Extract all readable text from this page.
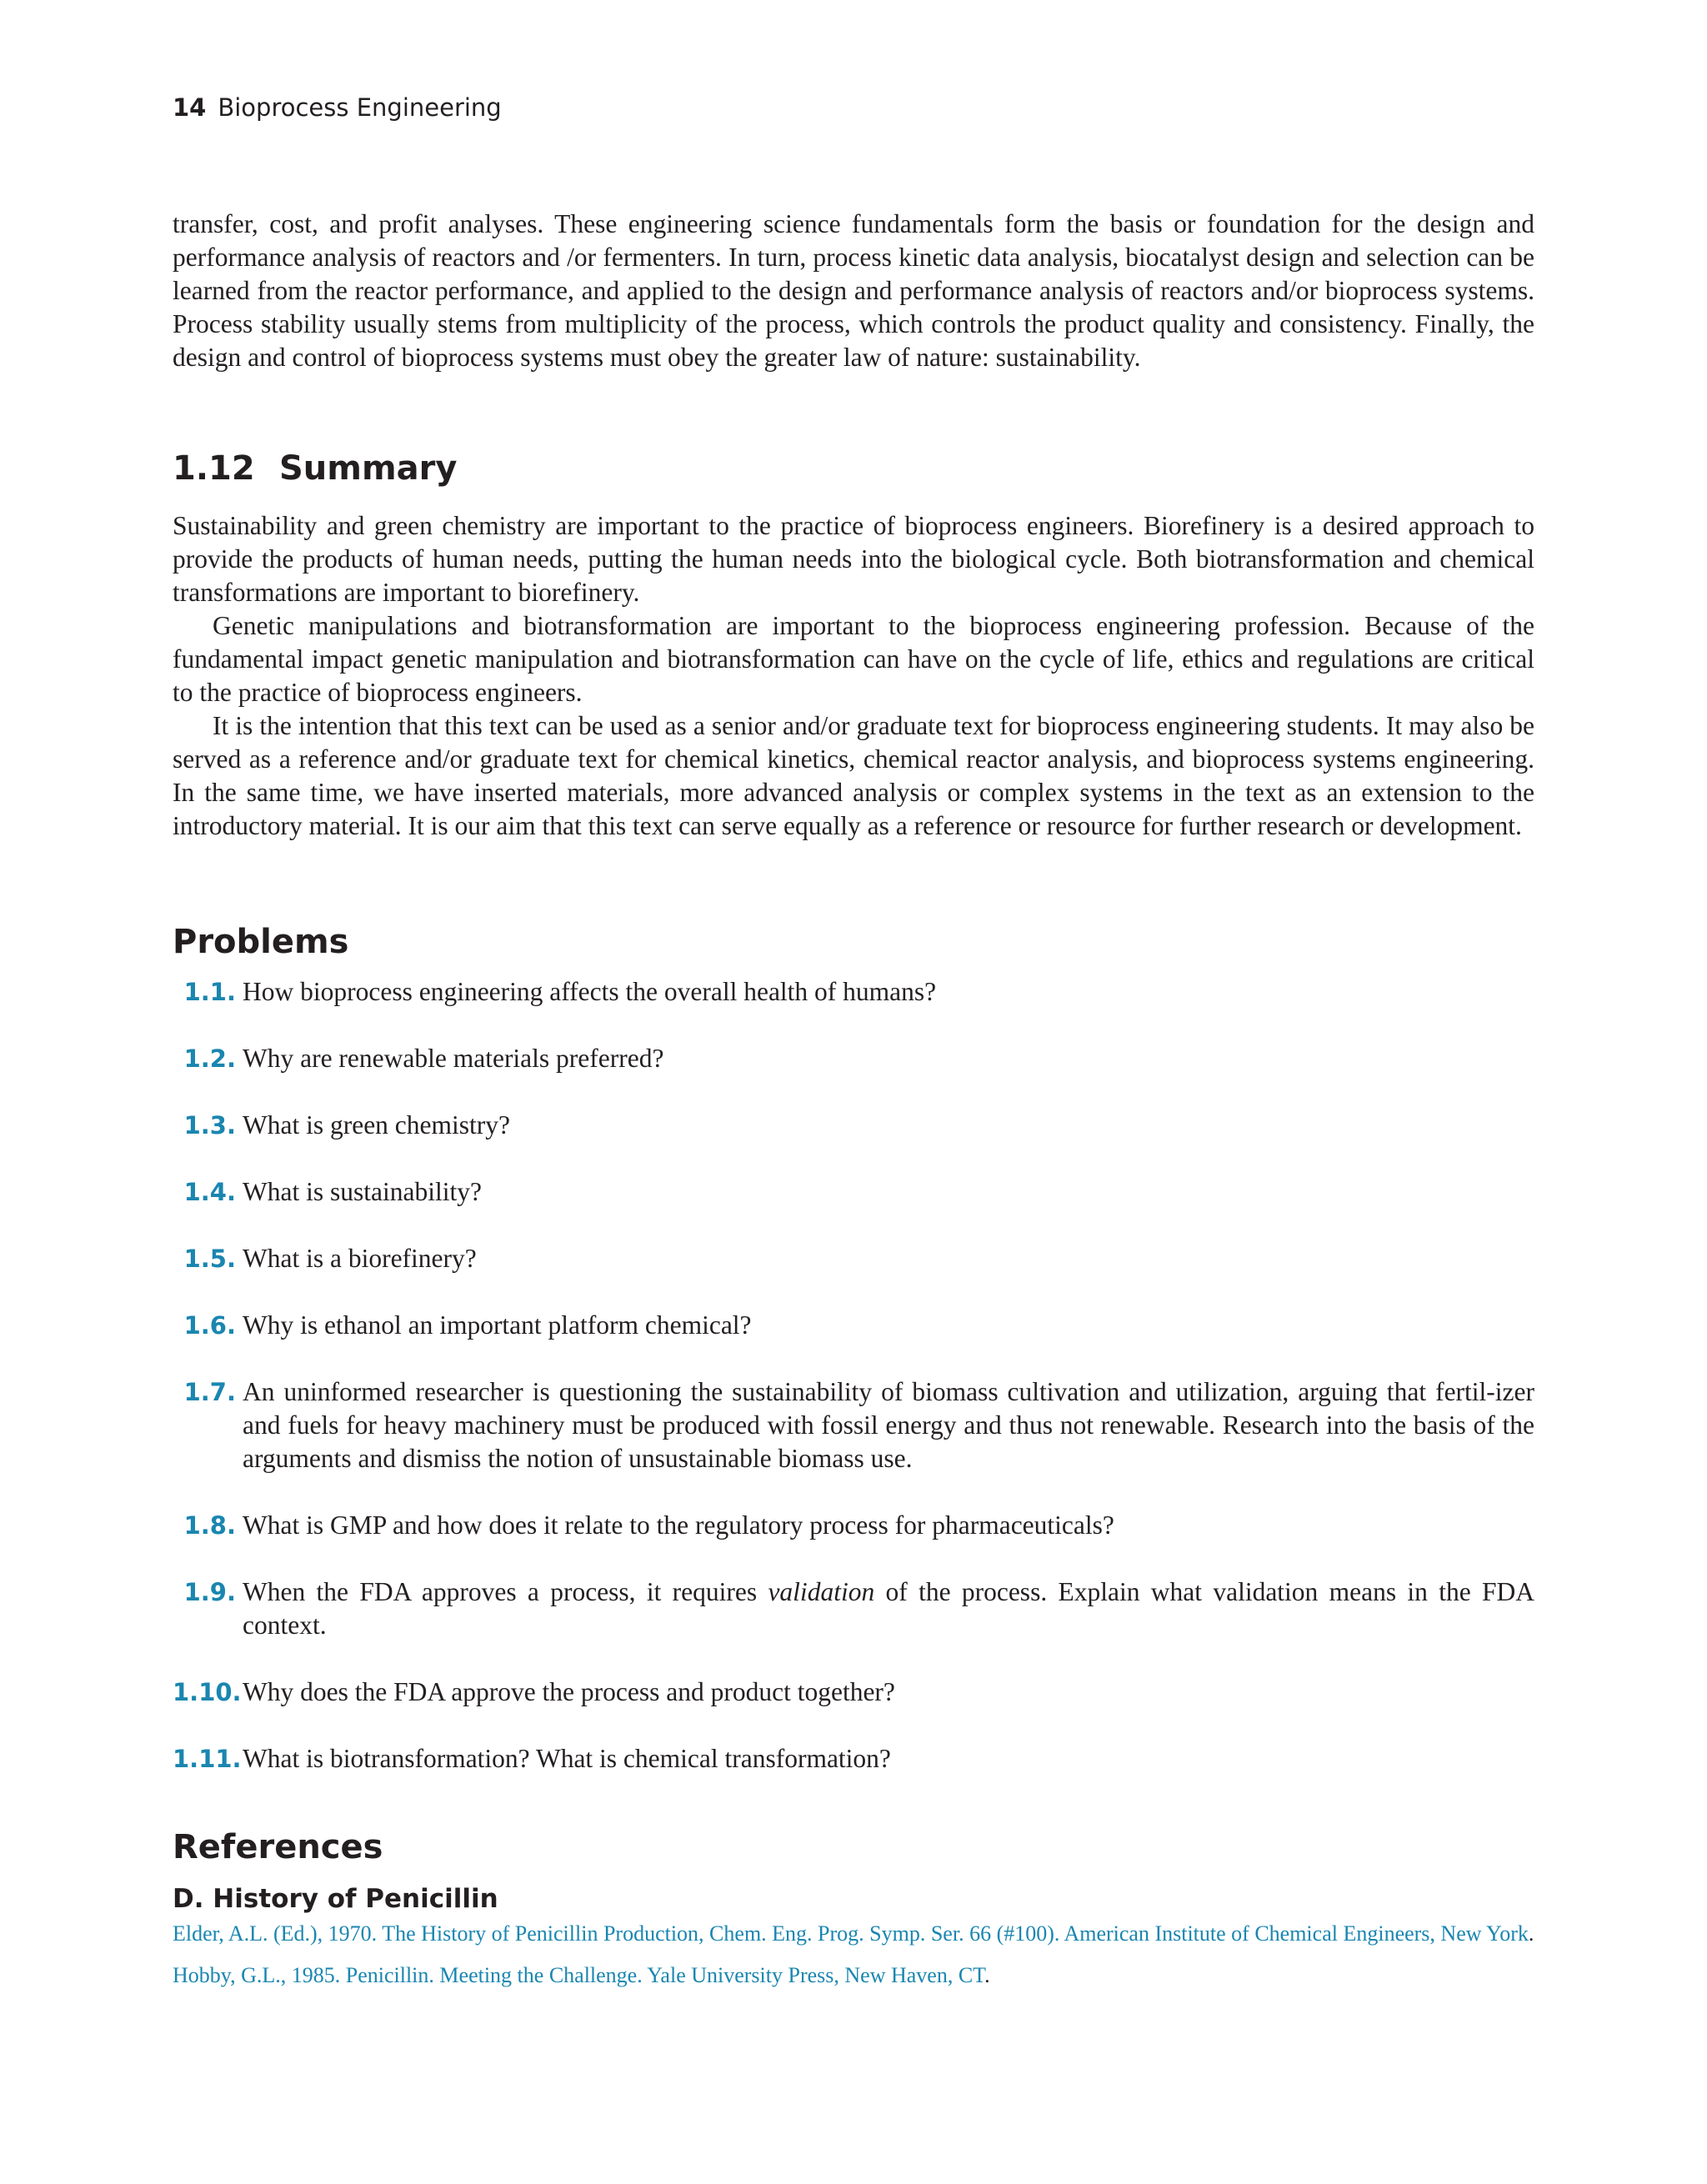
14 Bioprocess Engineering

transfer, cost, and profit analyses. These engineering science fundamentals form the basis or foundation for the design and performance analysis of reactors and /or fermenters. In turn, process kinetic data analysis, biocatalyst design and selection can be learned from the reactor performance, and applied to the design and performance analysis of reactors and/or bioprocess systems. Process stability usually stems from multiplicity of the process, which controls the product quality and consistency. Finally, the design and control of bioprocess systems must obey the greater law of nature: sustainability.

1.12 Summary

Sustainability and green chemistry are important to the practice of bioprocess engineers. Biorefinery is a desired approach to provide the products of human needs, putting the human needs into the biological cycle. Both biotransformation and chemical transformations are important to biorefinery.

Genetic manipulations and biotransformation are important to the bioprocess engineering profession. Because of the fundamental impact genetic manipulation and biotransformation can have on the cycle of life, ethics and regulations are critical to the practice of bioprocess engineers.

It is the intention that this text can be used as a senior and/or graduate text for bioprocess engineering students. It may also be served as a reference and/or graduate text for chemical kinetics, chemical reactor analysis, and bioprocess systems engineering. In the same time, we have inserted materials, more advanced analysis or complex systems in the text as an extension to the introductory material. It is our aim that this text can serve equally as a reference or resource for further research or development.

Problems
1.1. How bioprocess engineering affects the overall health of humans?
1.2. Why are renewable materials preferred?
1.3. What is green chemistry?
1.4. What is sustainability?
1.5. What is a biorefinery?
1.6. Why is ethanol an important platform chemical?
1.7. An uninformed researcher is questioning the sustainability of biomass cultivation and utilization, arguing that fertil-izer and fuels for heavy machinery must be produced with fossil energy and thus not renewable. Research into the basis of the arguments and dismiss the notion of unsustainable biomass use.
1.8. What is GMP and how does it relate to the regulatory process for pharmaceuticals?
1.9. When the FDA approves a process, it requires validation of the process. Explain what validation means in the FDA context.
1.10. Why does the FDA approve the process and product together?
1.11. What is biotransformation? What is chemical transformation?
References
D. History of Penicillin
Elder, A.L. (Ed.), 1970. The History of Penicillin Production, Chem. Eng. Prog. Symp. Ser. 66 (#100). American Institute of Chemical Engineers, New York.
Hobby, G.L., 1985. Penicillin. Meeting the Challenge. Yale University Press, New Haven, CT.
